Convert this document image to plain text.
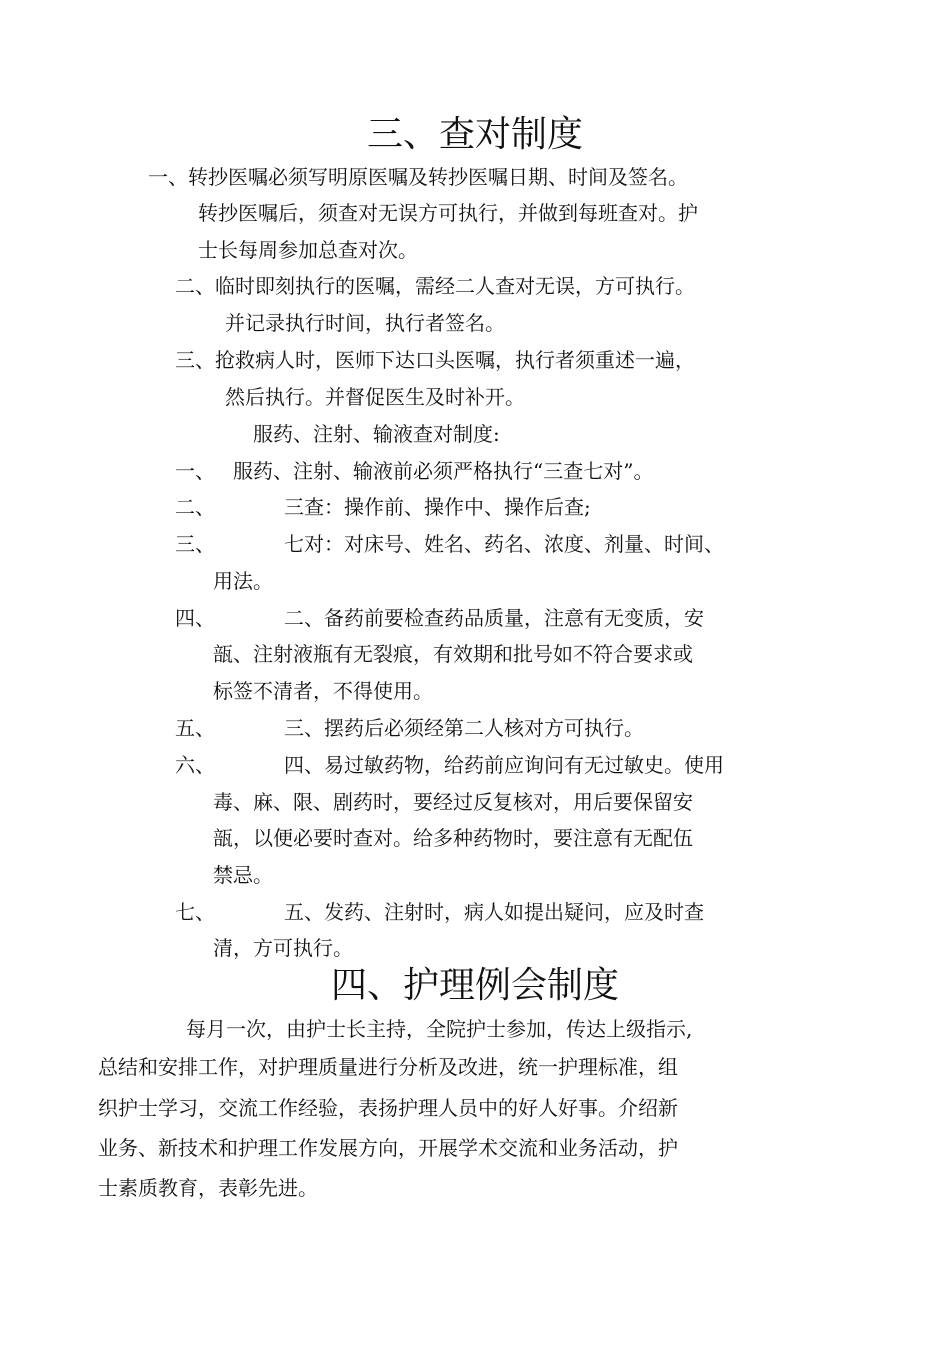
三、查对制度
一、转抄医嘱必须写明原医嘱及转抄医嘱日期、时间及签名。
转抄医嘱后，须查对无误方可执行，并做到每班查对。护
士长每周参加总查对次。
二、临时即刻执行的医嘱，需经二人查对无误，方可执行。
并记录执行时间，执行者签名。
三、抢救病人时，医师下达口头医嘱，执行者须重述一遍，
然后执行。并督促医生及时补开。
服药、注射、输液查对制度:
一、 服药、注射、输液前必须严格执行“三查七对”。
二、	三查：操作前、操作中、操作后查;
三、	七对：对床号、姓名、药名、浓度、剂量、时间、
用法。
四、	二、备药前要检查药品质量，注意有无变质，安
瓿、注射液瓶有无裂痕，有效期和批号如不符合要求或
标签不清者，不得使用。
五、	三、摆药后必须经第二人核对方可执行。
六、	四、易过敏药物，给药前应询问有无过敏史。使用
毒、麻、限、剧药时，要经过反复核对，用后要保留安
瓿，以便必要时查对。给多种药物时，要注意有无配伍
禁忌。
七、	五、发药、注射时，病人如提出疑问，应及时查
清，方可执行。
四、护理例会制度
每月一次，由护士长主持，全院护士参加，传达上级指示,
总结和安排工作，对护理质量进行分析及改进，统一护理标准，组
织护士学习，交流工作经验，表扬护理人员中的好人好事。介绍新
业务、新技术和护理工作发展方向，开展学术交流和业务活动，护
士素质教育，表彰先进。
